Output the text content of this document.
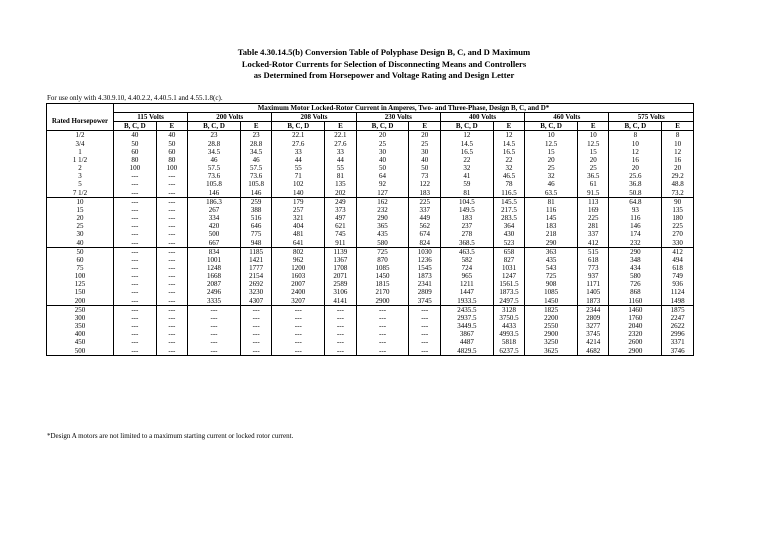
Table 4.30.14.5(b) Conversion Table of Polyphase Design B, C, and D Maximum
Locked-Rotor Currents for Selection of Disconnecting Means and Controllers
as Determined from Horsepower and Voltage Rating and Design Letter
For use only with 4.30.9.10, 4.40.2.2, 4.40.5.1 and 4.55.1.8(c).
	Maximum Motor Locked-Rotor Current in Amperes, Two- and Three-Phase, Design B, C, and D*													
Rated Horsepower	115 Volts		200 Volts		208 Volts		230 Volts		400 Volts		460 Volts		575 Volts	
	B, C, D	E	B, C, D	E	B, C, D	E	B, C, D	E	B, C, D	E	B, C, D	E	B, C, D	E
1/2	40	40	23	23	22.1	22.1	20	20	12	12	10	10	8	8
3/4	50	50	28.8	28.8	27.6	27.6	25	25	14.5	14.5	12.5	12.5	10	10
1	60	60	34.5	34.5	33	33	30	30	16.5	16.5	15	15	12	12
1 1/2	80	80	46	46	44	44	40	40	22	22	20	20	16	16
2	100	100	57.5	57.5	55	55	50	50	32	32	25	25	20	20
3	---	---	73.6	73.6	71	81	64	73	41	46.5	32	36.5	25.6	29.2
5	---	---	105.8	105.8	102	135	92	122	59	78	46	61	36.8	48.8
7 1/2	---	---	146	146	140	202	127	183	81	116.5	63.5	91.5	50.8	73.2
10	---	---	186.3	259	179	249	162	225	104.5	145.5	81	113	64.8	90
15	---	---	267	388	257	373	232	337	149.5	217.5	116	169	93	135
20	---	---	334	516	321	497	290	449	183	283.5	145	225	116	180
25	---	---	420	646	404	621	365	562	237	364	183	281	146	225
30	---	---	500	775	481	745	435	674	278	430	218	337	174	270
40	---	---	667	948	641	911	580	824	368.5	523	290	412	232	330
50	---	---	834	1185	802	1139	725	1030	463.5	658	363	515	290	412
60	---	---	1001	1421	962	1367	870	1236	582	827	435	618	348	494
75	---	---	1248	1777	1200	1708	1085	1545	724	1031	543	773	434	618
100	---	---	1668	2154	1603	2071	1450	1873	965	1247	725	937	580	749
125	---	---	2087	2692	2007	2589	1815	2341	1211	1561.5	908	1171	726	936
150	---	---	2496	3230	2400	3106	2170	2809	1447	1873.5	1085	1405	868	1124
200	---	---	3335	4307	3207	4141	2900	3745	1933.5	2497.5	1450	1873	1160	1498
250	---	---	---	---	---	---	---	---	2435.5	3128	1825	2344	1460	1875
300	---	---	---	---	---	---	---	---	2937.5	3750.5	2200	2809	1760	2247
350	---	---	---	---	---	---	---	---	3449.5	4433	2550	3277	2040	2622
400	---	---	---	---	---	---	---	---	3867	4993.5	2900	3745	2320	2996
450	---	---	---	---	---	---	---	---	4487	5818	3250	4214	2600	3371
500	---	---	---	---	---	---	---	---	4829.5	6237.5	3625	4682	2900	3746
*Design A motors are not limited to a maximum starting current or locked rotor current.
